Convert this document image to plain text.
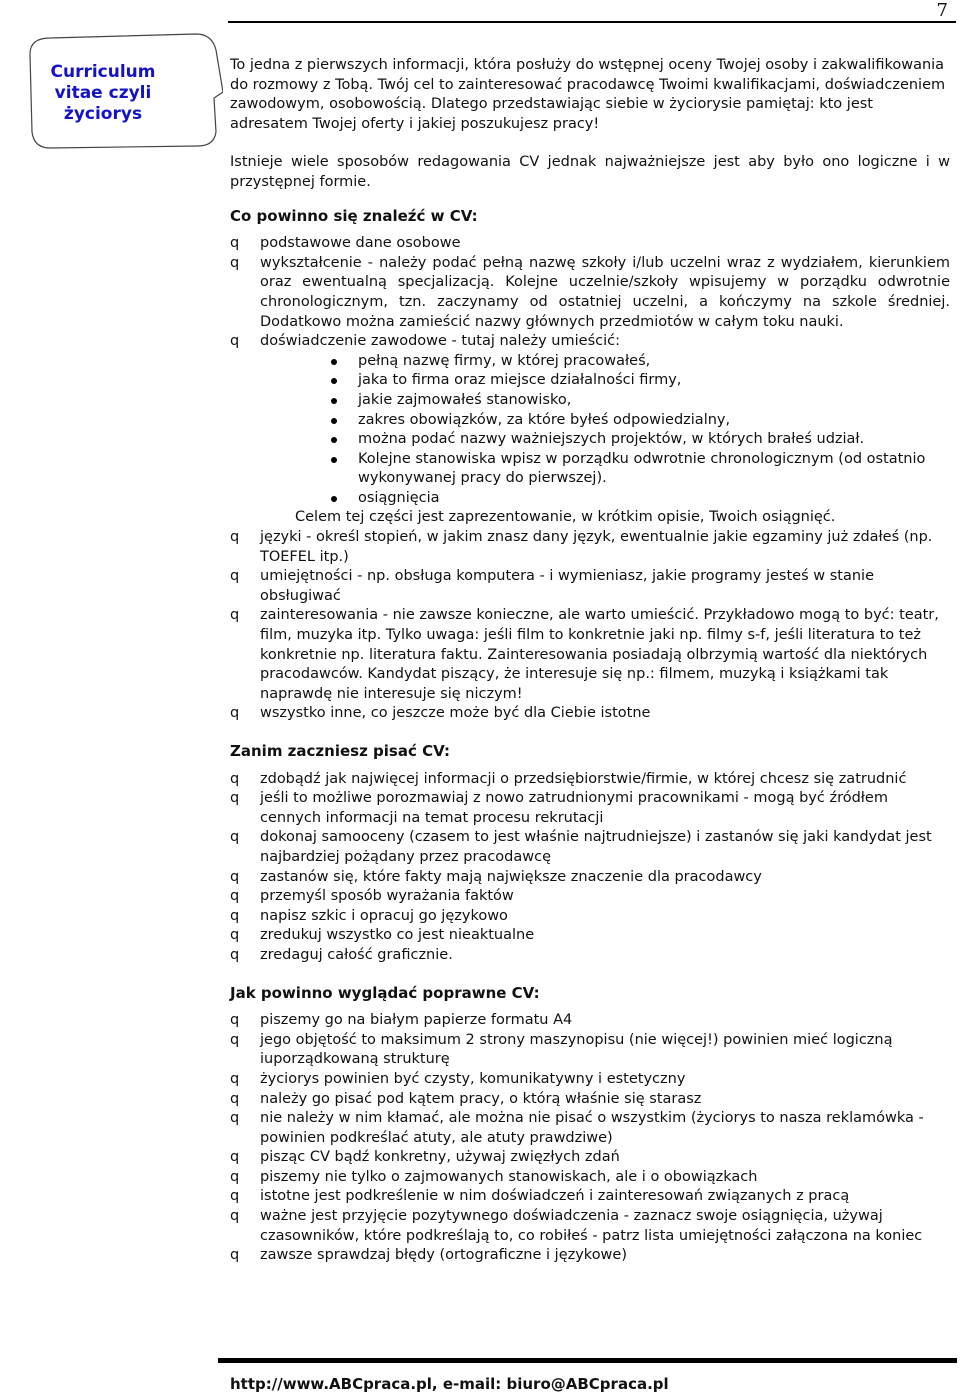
7
Curriculum
vitae czyli
życiorys

To jedna z pierwszych informacji, która posłuży do wstępnej oceny Twojej osoby i zakwalifikowania do rozmowy z Tobą. Twój cel to zainteresować pracodawcę Twoimi kwalifikacjami, doświadczeniem zawodowym, osobowością. Dlatego przedstawiając siebie w życiorysie pamiętaj: kto jest adresatem Twojej oferty i jakiej poszukujesz pracy!

Istnieje wiele sposobów redagowania CV jednak najważniejsze jest aby było ono logiczne i w przystępnej formie.

Co powinno się znaleźć w CV:
q podstawowe dane osobowe
q wykształcenie - należy podać pełną nazwę szkoły i/lub uczelni wraz z wydziałem, kierunkiem oraz ewentualną specjalizacją. Kolejne uczelnie/szkoły wpisujemy w porządku odwrotnie chronologicznym, tzn. zaczynamy od ostatniej uczelni, a kończymy na szkole średniej. Dodatkowo można zamieścić nazwy głównych przedmiotów w całym toku nauki.
q doświadczenie zawodowe - tutaj należy umieścić:
pełną nazwę firmy, w której pracowałeś,
jaka to firma oraz miejsce działalności firmy,
jakie zajmowałeś stanowisko,
zakres obowiązków, za które byłeś odpowiedzialny,
można podać nazwy ważniejszych projektów, w których brałeś udział.
Kolejne stanowiska wpisz w porządku odwrotnie chronologicznym (od ostatnio wykonywanej pracy do pierwszej).
osiągnięcia

Celem tej części jest zaprezentowanie, w krótkim opisie, Twoich osiągnięć.

q języki - określ stopień, w jakim znasz dany język, ewentualnie jakie egzaminy już zdałeś (np. TOEFEL itp.)
q umiejętności - np. obsługa komputera - i wymieniasz, jakie programy jesteś w stanie obsługiwać
q zainteresowania - nie zawsze konieczne, ale warto umieścić. Przykładowo mogą to być: teatr, film, muzyka itp. Tylko uwaga: jeśli film to konkretnie jaki np. filmy s-f, jeśli literatura to też konkretnie np. literatura faktu. Zainteresowania posiadają olbrzymią wartość dla niektórych pracodawców. Kandydat piszący, że interesuje się np.: filmem, muzyką i książkami tak naprawdę nie interesuje się niczym!
q wszystko inne, co jeszcze może być dla Ciebie istotne
Zanim zaczniesz pisać CV:
q zdobądź jak najwięcej informacji o przedsiębiorstwie/firmie, w której chcesz się zatrudnić
q jeśli to możliwe porozmawiaj z nowo zatrudnionymi pracownikami - mogą być źródłem cennych informacji na temat procesu rekrutacji
q dokonaj samooceny (czasem to jest właśnie najtrudniejsze) i zastanów się jaki kandydat jest najbardziej pożądany przez pracodawcę
q zastanów się, które fakty mają największe znaczenie dla pracodawcy
q przemyśl sposób wyrażania faktów
q napisz szkic i opracuj go językowo
q zredukuj wszystko co jest nieaktualne
q zredaguj całość graficznie.
Jak powinno wyglądać poprawne CV:
q piszemy go na białym papierze formatu A4
q jego objętość to maksimum 2 strony maszynopisu (nie więcej!) powinien mieć logiczną iuporządkowaną strukturę
q życiorys powinien być czysty, komunikatywny i estetyczny
q należy go pisać pod kątem pracy, o którą właśnie się starasz
q nie należy w nim kłamać, ale można nie pisać o wszystkim (życiorys to nasza reklamówka - powinien podkreślać atuty, ale atuty prawdziwe)
q pisząc CV bądź konkretny, używaj zwięzłych zdań
q piszemy nie tylko o zajmowanych stanowiskach, ale i o obowiązkach
q istotne jest podkreślenie w nim doświadczeń i zainteresowań związanych z pracą
q ważne jest przyjęcie pozytywnego doświadczenia - zaznacz swoje osiągnięcia, używaj czasowników, które podkreślają to, co robiłeś - patrz lista umiejętności załączona na koniec
q zawsze sprawdzaj błędy (ortograficzne i językowe)
http://www.ABCpraca.pl, e-mail: biuro@ABCpraca.pl
